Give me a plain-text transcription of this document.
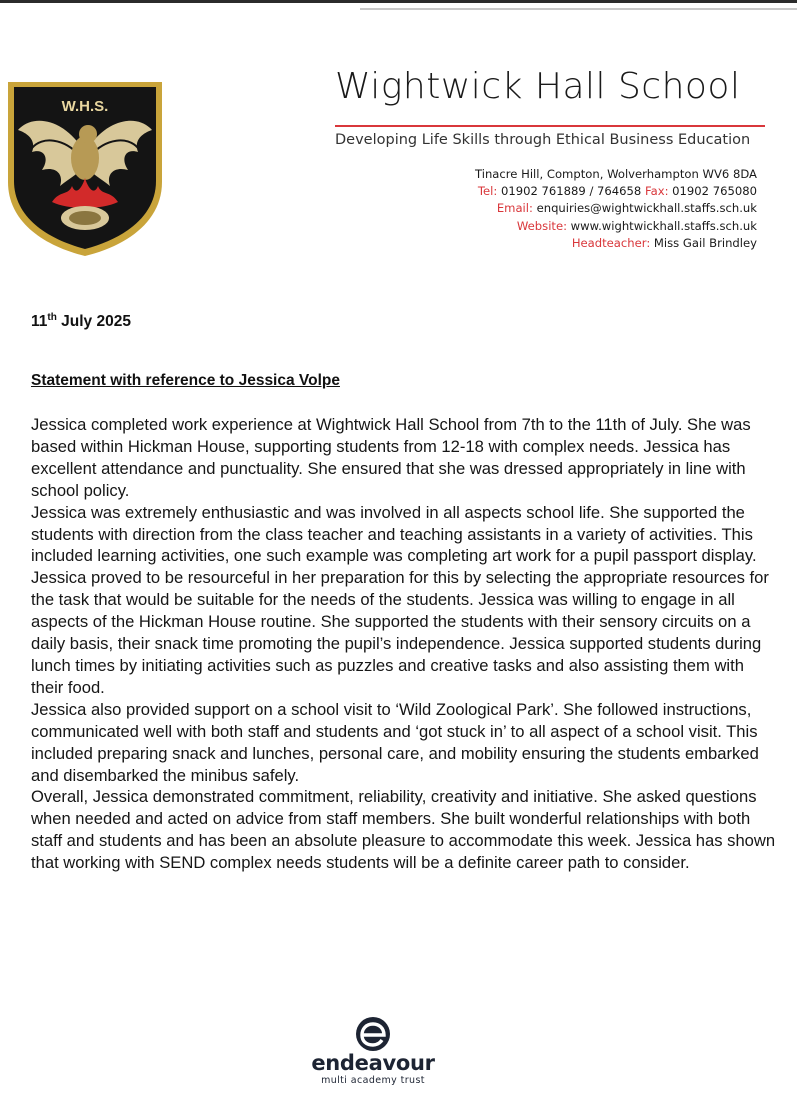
W.H.S.	Wightwick Hall School
Developing Life Skills through Ethical Business Education
Tinacre Hill, Compton, Wolverhampton WV6 8DA
Tel: 01902 761889 / 764658 Fax: 01902 765080
Email: enquiries@wightwickhall.staffs.sch.uk
Website: www.wightwickhall.staffs.sch.uk
Headteacher: Miss Gail Brindley
11th July 2025
Statement with reference to Jessica Volpe

Jessica completed work experience at Wightwick Hall School from 7th to the 11th of July. She was based within Hickman House, supporting students from 12-18 with complex needs. Jessica has excellent attendance and punctuality. She ensured that she was dressed appropriately in line with school policy.

Jessica was extremely enthusiastic and was involved in all aspects school life. She supported the students with direction from the class teacher and teaching assistants in a variety of activities. This included learning activities, one such example was completing art work for a pupil passport display. Jessica proved to be resourceful in her preparation for this by selecting the appropriate resources for the task that would be suitable for the needs of the students. Jessica was willing to engage in all aspects of the Hickman House routine. She supported the students with their sensory circuits on a daily basis, their snack time promoting the pupil’s independence. Jessica supported students during lunch times by initiating activities such as puzzles and creative tasks and also assisting them with their food.

Jessica also provided support on a school visit to ‘Wild Zoological Park’. She followed instructions, communicated well with both staff and students and ‘got stuck in’ to all aspect of a school visit. This included preparing snack and lunches, personal care, and mobility ensuring the students embarked and disembarked the minibus safely.

Overall, Jessica demonstrated commitment, reliability, creativity and initiative. She asked questions when needed and acted on advice from staff members. She built wonderful relationships with both staff and students and has been an absolute pleasure to accommodate this week. Jessica has shown that working with SEND complex needs students will be a definite career path to consider.

endeavour
multi academy trust
